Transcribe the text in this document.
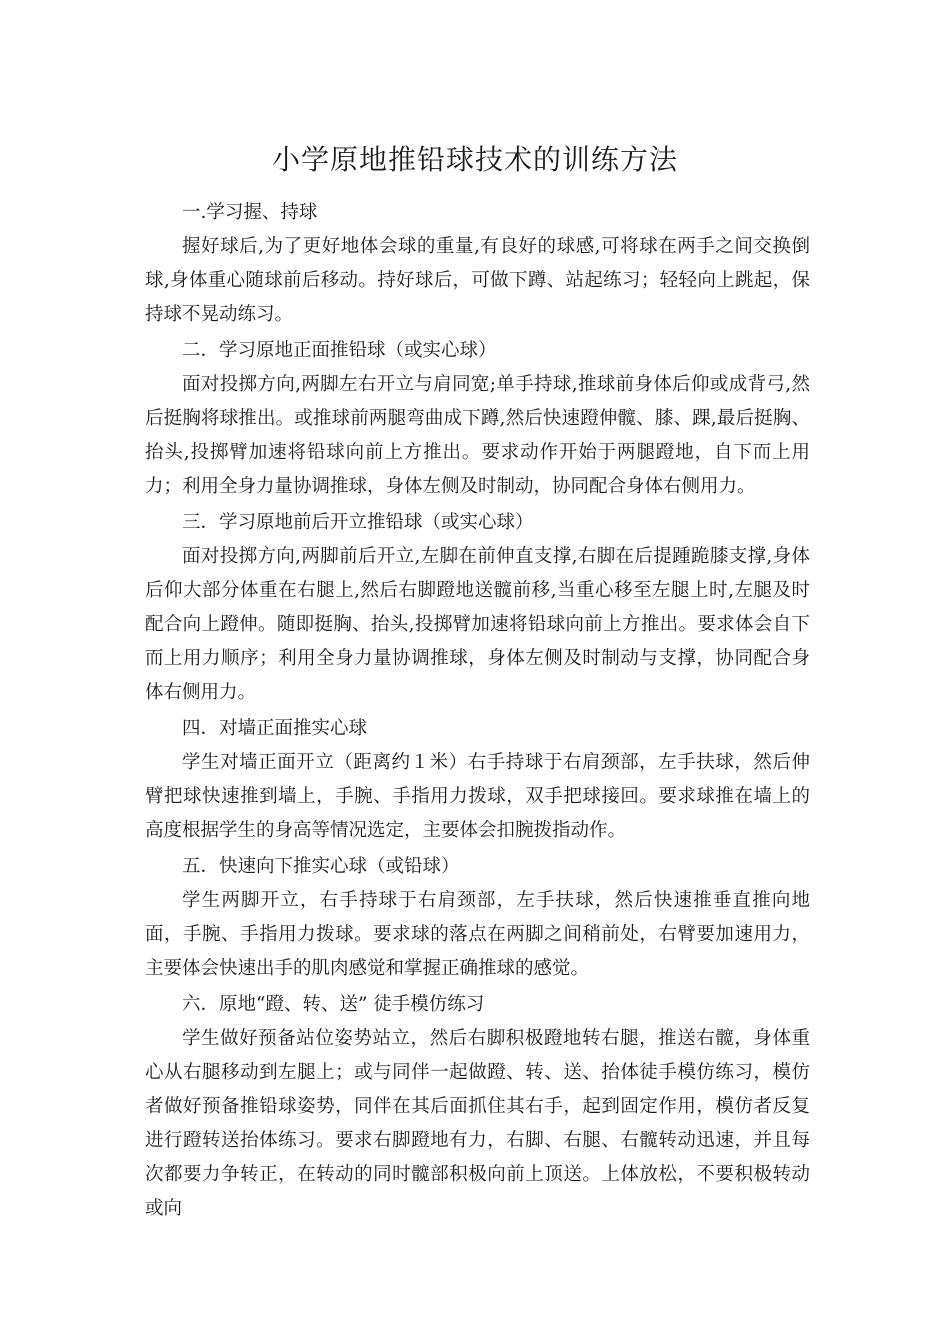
小学原地推铅球技术的训练方法

一.学习握、持球

握好球后,为了更好地体会球的重量,有良好的球感,可将球在两手之间交换倒球,身体重心随球前后移动。持好球后，可做下蹲、站起练习；轻轻向上跳起，保持球不晃动练习。

二．学习原地正面推铅球（或实心球）

面对投掷方向,两脚左右开立与肩同宽;单手持球,推球前身体后仰或成背弓,然后挺胸将球推出。或推球前两腿弯曲成下蹲,然后快速蹬伸髋、膝、踝,最后挺胸、抬头,投掷臂加速将铅球向前上方推出。要求动作开始于两腿蹬地，自下而上用力；利用全身力量协调推球，身体左侧及时制动，协同配合身体右侧用力。

三．学习原地前后开立推铅球（或实心球）

面对投掷方向,两脚前后开立,左脚在前伸直支撑,右脚在后提踵跪膝支撑,身体后仰大部分体重在右腿上,然后右脚蹬地送髋前移,当重心移至左腿上时,左腿及时配合向上蹬伸。随即挺胸、抬头,投掷臂加速将铅球向前上方推出。要求体会自下而上用力顺序；利用全身力量协调推球，身体左侧及时制动与支撑，协同配合身体右侧用力。

四．对墙正面推实心球

学生对墙正面开立（距离约１米）右手持球于右肩颈部，左手扶球，然后伸臂把球快速推到墙上，手腕、手指用力拨球，双手把球接回。要求球推在墙上的高度根据学生的身高等情况选定，主要体会扣腕拨指动作。

五．快速向下推实心球（或铅球）

学生两脚开立，右手持球于右肩颈部，左手扶球，然后快速推垂直推向地面，手腕、手指用力拨球。要求球的落点在两脚之间稍前处，右臂要加速用力，主要体会快速出手的肌肉感觉和掌握正确推球的感觉。

六．原地“蹬、转、送” 徒手模仿练习

学生做好预备站位姿势站立，然后右脚积极蹬地转右腿，推送右髋，身体重心从右腿移动到左腿上；或与同伴一起做蹬、转、送、抬体徒手模仿练习，模仿者做好预备推铅球姿势，同伴在其后面抓住其右手，起到固定作用，模仿者反复进行蹬转送抬体练习。要求右脚蹬地有力，右脚、右腿、右髋转动迅速，并且每次都要力争转正，在转动的同时髋部积极向前上顶送。上体放松，不要积极转动或向
